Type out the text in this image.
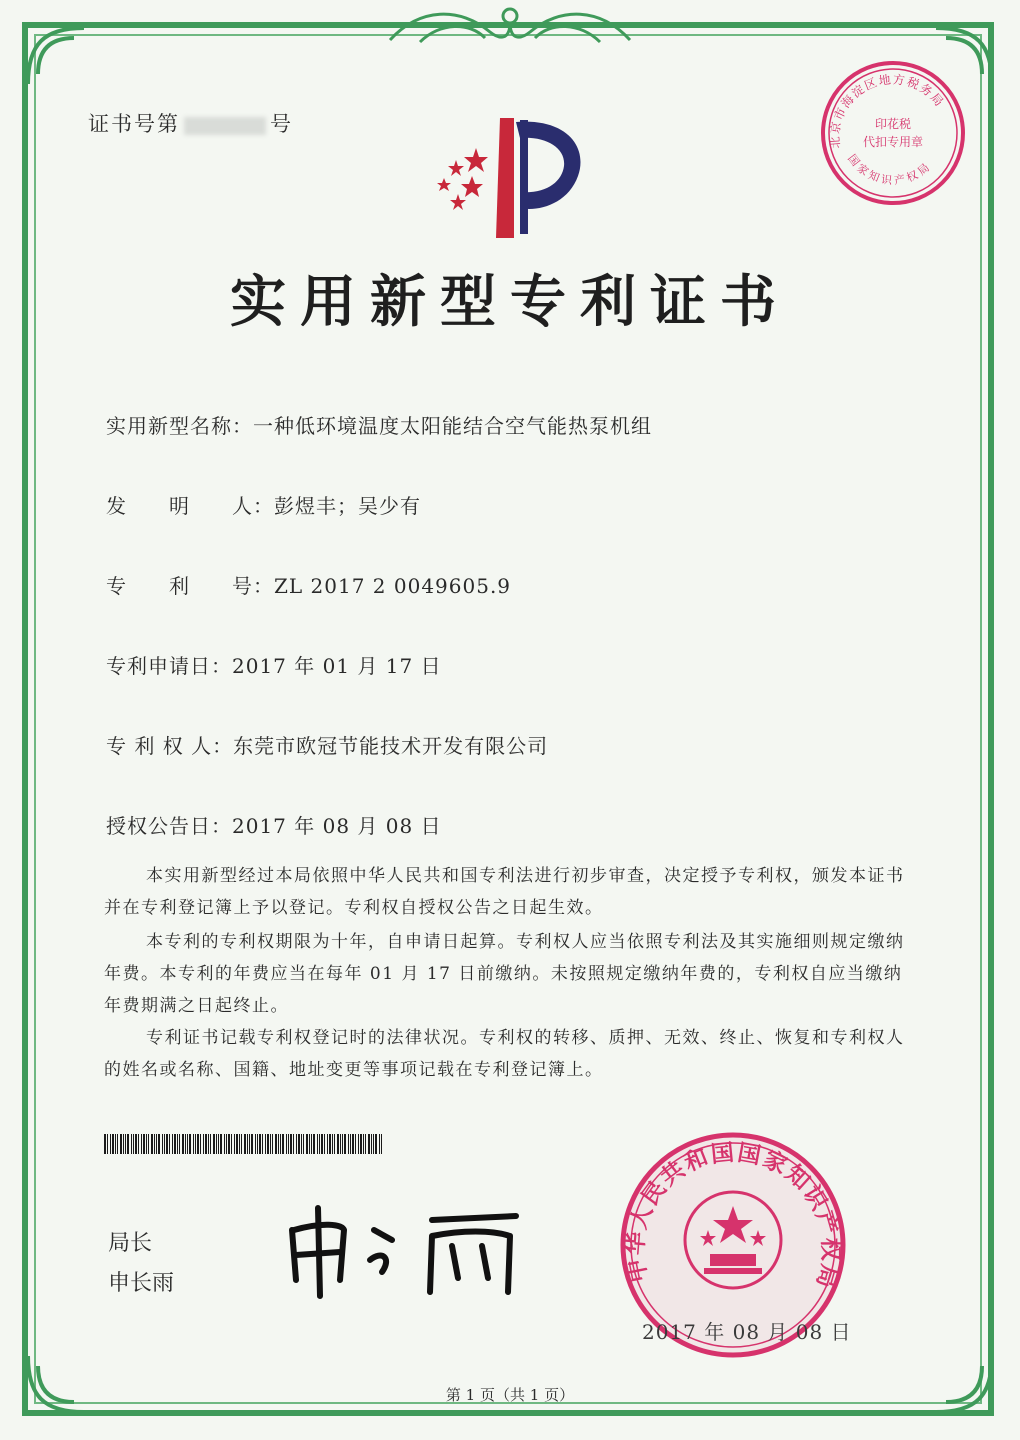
证书号第	号
北京市海淀区地方税务局
国家知识产权局
印花税
代扣专用章
实用新型专利证书
实用新型名称：一种低环境温度太阳能结合空气能热泵机组
发　　明　　人：彭煜丰；吴少有
专　　利　　号：ZL 2017 2 0049605.9
专利申请日：2017 年 01 月 17 日
专 利 权 人：东莞市欧冠节能技术开发有限公司
授权公告日：2017 年 08 月 08 日

本实用新型经过本局依照中华人民共和国专利法进行初步审查，决定授予专利权，颁发本证书并在专利登记簿上予以登记。专利权自授权公告之日起生效。

本专利的专利权期限为十年，自申请日起算。专利权人应当依照专利法及其实施细则规定缴纳年费。本专利的年费应当在每年 01 月 17 日前缴纳。未按照规定缴纳年费的，专利权自应当缴纳年费期满之日起终止。

专利证书记载专利权登记时的法律状况。专利权的转移、质押、无效、终止、恢复和专利权人的姓名或名称、国籍、地址变更等事项记载在专利登记簿上。

局长
申长雨	中华人民共和国国家知识产权局
2017 年 08 月 08 日
第 1 页（共 1 页）
